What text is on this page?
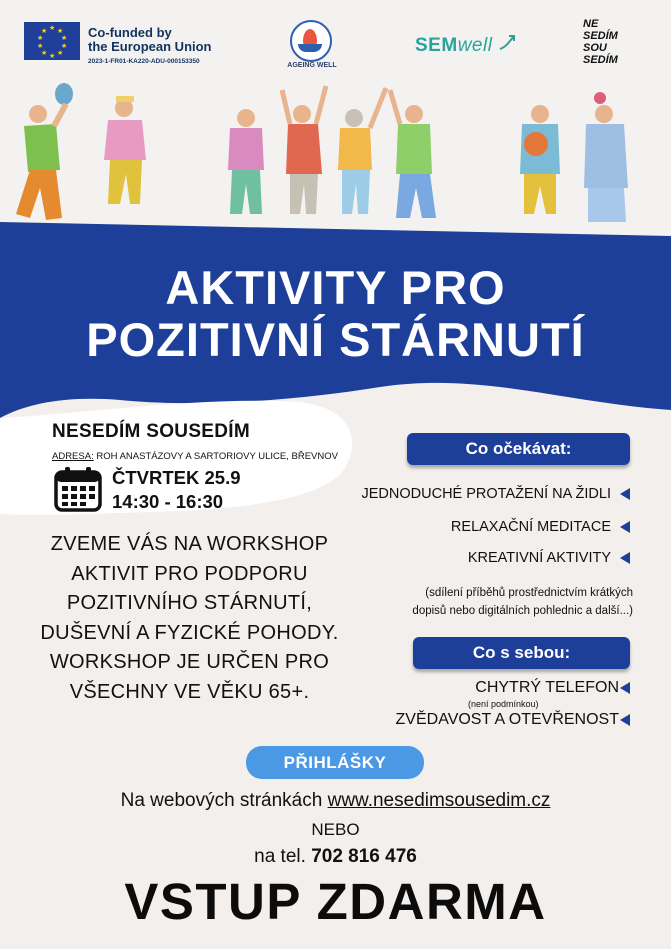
★ ★
★
★
★
★
★
★
★
★	Co-funded by
the European Union
2023-1-FR01-KA220-ADU-000153350
AGEING WELL
SEMwell
NE
SEDÍM
SOU
SEDÍM
AKTIVITY PRO
POZITIVNÍ STÁRNUTÍ
NESEDÍM SOUSEDÍM
ADRESA: ROH ANASTÁZOVY A SARTORIOVY ULICE, BŘEVNOV
ČTVRTEK 25.9
14:30 - 16:30
ZVEME VÁS NA WORKSHOP AKTIVIT PRO PODPORU POZITIVNÍHO STÁRNUTÍ, DUŠEVNÍ A FYZICKÉ POHODY. WORKSHOP JE URČEN PRO VŠECHNY VE VĚKU 65+.
Co očekávat:
JEDNODUCHÉ PROTAŽENÍ NA ŽIDLI
RELAXAČNÍ MEDITACE
KREATIVNÍ AKTIVITY
(sdílení příběhů prostřednictvím krátkých
dopisů nebo digitálních pohlednic a další...)
Co s sebou:
CHYTRÝ TELEFON
(není podmínkou)
ZVĚDAVOST A OTEVŘENOST
PŘIHLÁŠKY
Na webových stránkách www.nesedimsousedim.cz
NEBO
na tel. 702 816 476
VSTUP ZDARMA
